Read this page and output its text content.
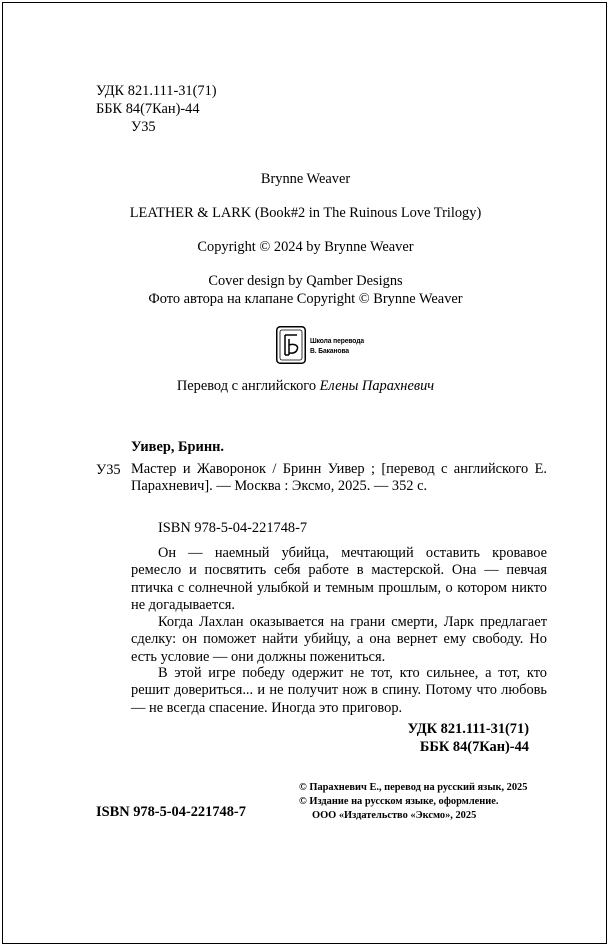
УДК 821.111-31(71)
ББК 84(7Кан)-44
У35
Brynne Weaver
LEATHER & LARK (Book#2 in The Ruinous Love Trilogy)
Copyright © 2024 by Brynne Weaver
Cover design by Qamber Designs
Фото автора на клапане Copyright © Brynne Weaver
Школа перевода
В. Баканова
Перевод с английского Елены Парахневич
Уивер, Бринн.
У35 Мастер и Жаворонок / Бринн Уивер ; [перевод с английского Е. Парахневич]. — Москва : Эксмо, 2025. — 352 с.
ISBN 978-5-04-221748-7
Он — наемный убийца, мечтающий оставить кровавое ремесло и посвятить себя работе в мастерской. Она — певчая птичка с солнечной улыбкой и темным прошлым, о котором никто не догадывается.
Когда Лахлан оказывается на грани смерти, Ларк предлагает сделку: он поможет найти убийцу, а она вернет ему свободу. Но есть условие — они должны пожениться.
В этой игре победу одержит не тот, кто сильнее, а тот, кто решит довериться... и не получит нож в спину. Потому что любовь — не всегда спасение. Иногда это приговор.
УДК 821.111-31(71)
ББК 84(7Кан)-44
ISBN 978-5-04-221748-7
© Парахневич Е., перевод на русский язык, 2025
© Издание на русском языке, оформление.
ООО «Издательство «Эксмо», 2025
